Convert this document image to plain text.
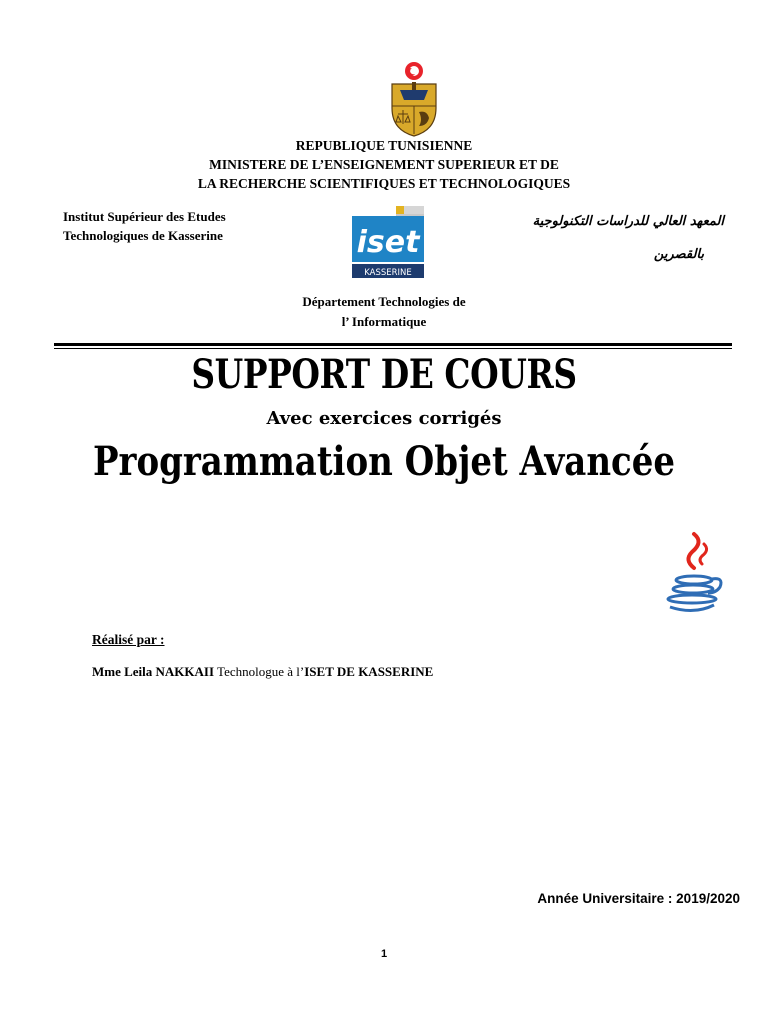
REPUBLIQUE TUNISIENNE
MINISTERE DE L’ENSEIGNEMENT SUPERIEUR ET DE
LA RECHERCHE SCIENTIFIQUES ET TECHNOLOGIQUES
Institut Supérieur des Etudes
Technologiques de Kasserine	iset
KASSERINE
المعهد العالي للدراسات التكنولوجية
بالقصرين
Département Technologies de
l’ Informatique
SUPPORT DE COURS
Avec exercices corrigés
Programmation Objet Avancée
Réalisé par :
Mme Leila NAKKAII Technologue à l’ISET DE KASSERINE
Année Universitaire : 2019/2020
1
